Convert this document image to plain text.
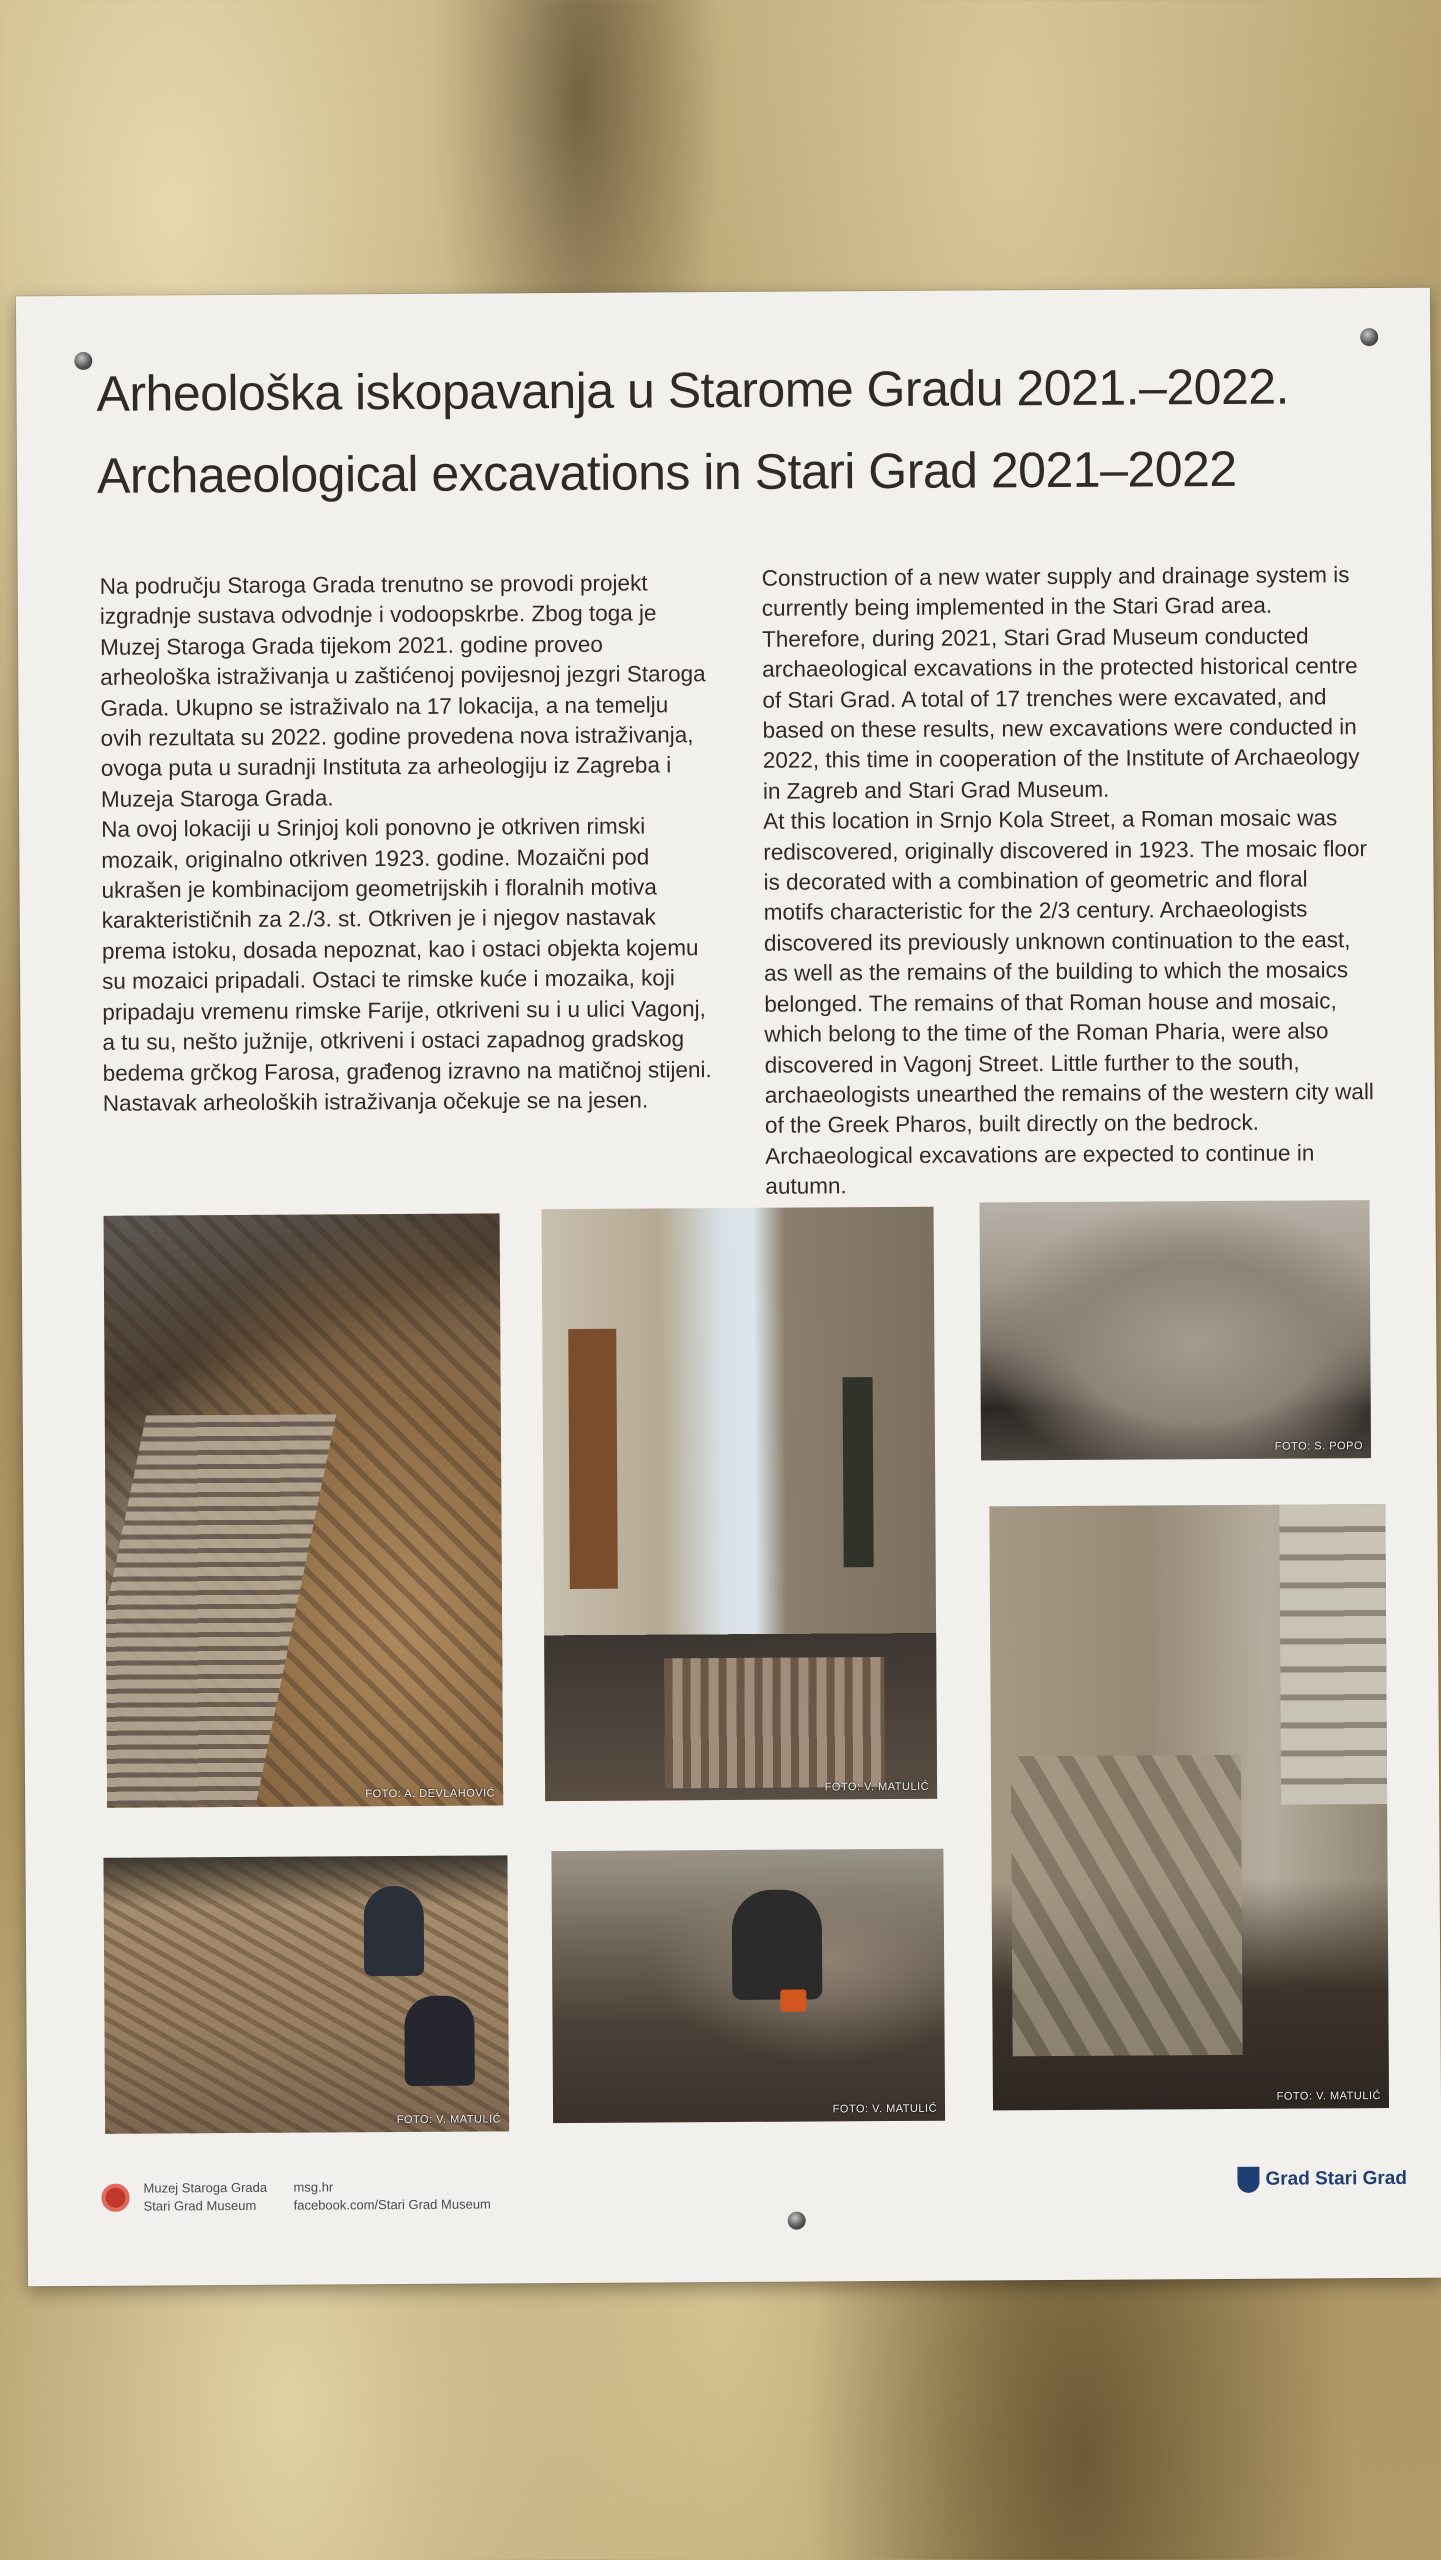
Arheološka iskopavanja u Starome Gradu 2021.–2022.
Archaeological excavations in Stari Grad 2021–2022

Na području Staroga Grada trenutno se provodi projekt izgradnje sustava odvodnje i vodoopskrbe. Zbog toga je Muzej Staroga Grada tijekom 2021. godine proveo arheološka istraživanja u zaštićenoj povijesnoj jezgri Staroga Grada. Ukupno se istraživalo na 17 lokacija, a na temelju ovih rezultata su 2022. godine provedena nova istraživanja, ovoga puta u suradnji Instituta za arheologiju iz Zagreba i Muzeja Staroga Grada.

Na ovoj lokaciji u Srinjoj koli ponovno je otkriven rimski mozaik, originalno otkriven 1923. godine. Mozaični pod ukrašen je kombinacijom geometrijskih i floralnih motiva karakterističnih za 2./3. st. Otkriven je i njegov nastavak prema istoku, dosada nepoznat, kao i ostaci objekta kojemu su mozaici pripadali. Ostaci te rimske kuće i mozaika, koji pripadaju vremenu rimske Farije, otkriveni su i u ulici Vagonj, a tu su, nešto južnije, otkriveni i ostaci zapadnog gradskog bedema grčkog Farosa, građenog izravno na matičnoj stijeni.

Nastavak arheoloških istraživanja očekuje se na jesen.

Construction of a new water supply and drainage system is currently being implemented in the Stari Grad area. Therefore, during 2021, Stari Grad Museum conducted archaeological excavations in the protected historical centre of Stari Grad. A total of 17 trenches were excavated, and based on these results, new excavations were conducted in 2022, this time in cooperation of the Institute of Archaeology in Zagreb and Stari Grad Museum.

At this location in Srnjo Kola Street, a Roman mosaic was rediscovered, originally discovered in 1923. The mosaic floor is decorated with a combination of geometric and floral motifs characteristic for the 2/3 century. Archaeologists discovered its previously unknown continuation to the east, as well as the remains of the building to which the mosaics belonged. The remains of that Roman house and mosaic, which belong to the time of the Roman Pharia, were also discovered in Vagonj Street. Little further to the south, archaeologists unearthed the remains of the western city wall of the Greek Pharos, built directly on the bedrock.

Archaeological excavations are expected to continue in autumn.

FOTO: A. DEVLAHOVIĆ
FOTO: V. MATULIĆ
FOTO: S. POPO
FOTO: V. MATULIĆ
FOTO: V. MATULIĆ
FOTO: V. MATULIĆ
Muzej Staroga Grada
Stari Grad Museum
msg.hr
facebook.com/Stari Grad Museum
Grad Stari Grad
